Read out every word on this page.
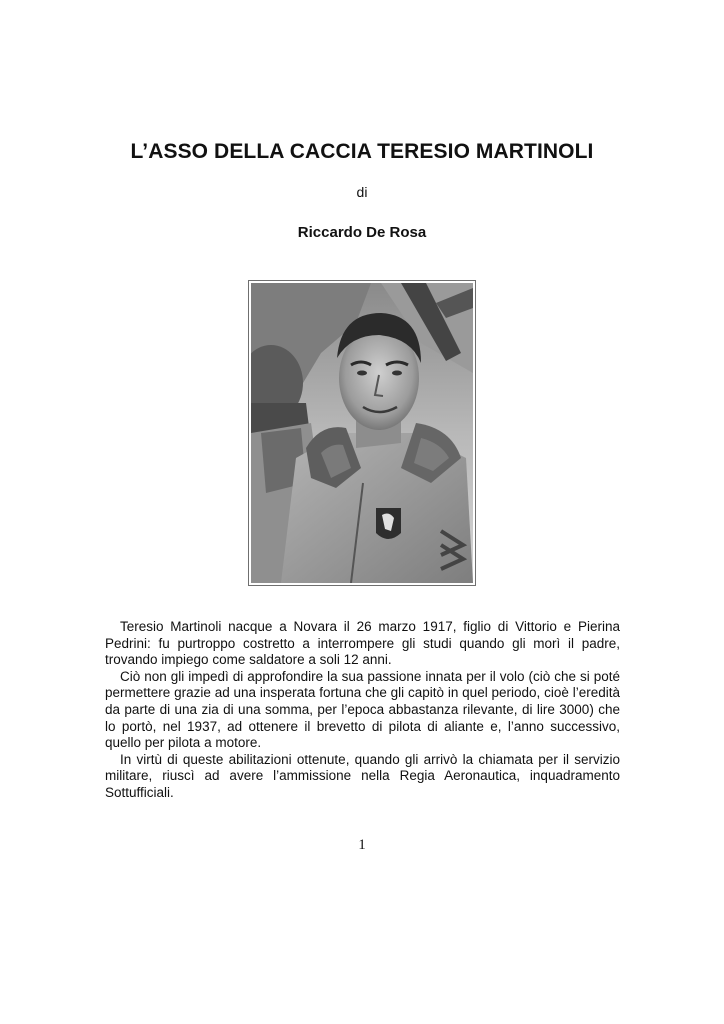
L’ASSO DELLA CACCIA TERESIO MARTINOLI
di
Riccardo De Rosa

Teresio Martinoli nacque a Novara il 26 marzo 1917, figlio di Vittorio e Pierina Pedrini: fu purtroppo costretto a interrompere gli studi quando gli morì il padre, trovando impiego come saldatore a soli 12 anni.

Ciò non gli impedì di approfondire la sua passione innata per il volo (ciò che si poté permettere grazie ad una insperata fortuna che gli capitò in quel periodo, cioè l’eredità da parte di una zia di una somma, per l’epoca abbastanza rilevante, di lire 3000) che lo portò, nel 1937, ad ottenere il brevetto di pilota di aliante e, l’anno successivo, quello per pilota a motore.

In virtù di queste abilitazioni ottenute, quando gli arrivò la chiamata per il servizio militare, riuscì ad avere l’ammissione nella Regia Aeronautica, inquadramento Sottufficiali.

1
